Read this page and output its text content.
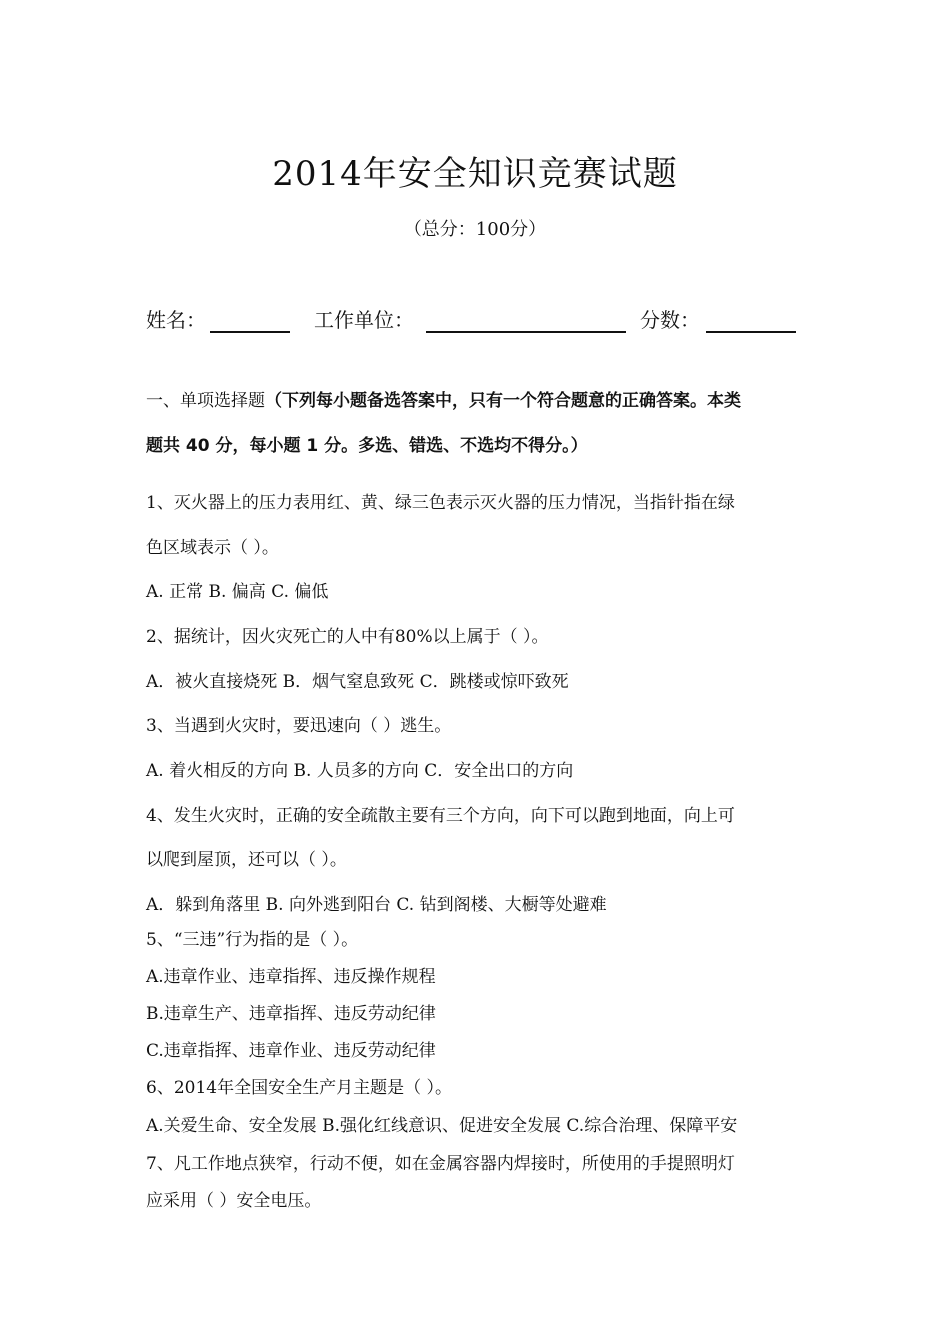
2014年安全知识竞赛试题
（总分：100分）
姓名：	工作单位：	分数：
一、单项选择题（下列每小题备选答案中，只有一个符合题意的正确答案。本类
题共 40 分，每小题 1 分。多选、错选、不选均不得分。）
1、灭火器上的压力表用红、黄、绿三色表示灭火器的压力情况，当指针指在绿
色区域表示（ ）。
A. 正常 B. 偏高 C. 偏低
2、据统计，因火灾死亡的人中有80%以上属于（ ）。
A．被火直接烧死 B．烟气窒息致死 C．跳楼或惊吓致死
3、当遇到火灾时，要迅速向（ ）逃生。
A. 着火相反的方向 B. 人员多的方向 C．安全出口的方向
4、发生火灾时，正确的安全疏散主要有三个方向，向下可以跑到地面，向上可
以爬到屋顶，还可以（ ）。
A．躲到角落里 B. 向外逃到阳台 C. 钻到阁楼、大橱等处避难
5、“三违”行为指的是（ ）。
A.违章作业、违章指挥、违反操作规程
B.违章生产、违章指挥、违反劳动纪律
C.违章指挥、违章作业、违反劳动纪律
6、2014年全国安全生产月主题是（ ）。
A.关爱生命、安全发展 B.强化红线意识、促进安全发展 C.综合治理、保障平安
7、凡工作地点狭窄，行动不便，如在金属容器内焊接时，所使用的手提照明灯
应采用（ ）安全电压。
